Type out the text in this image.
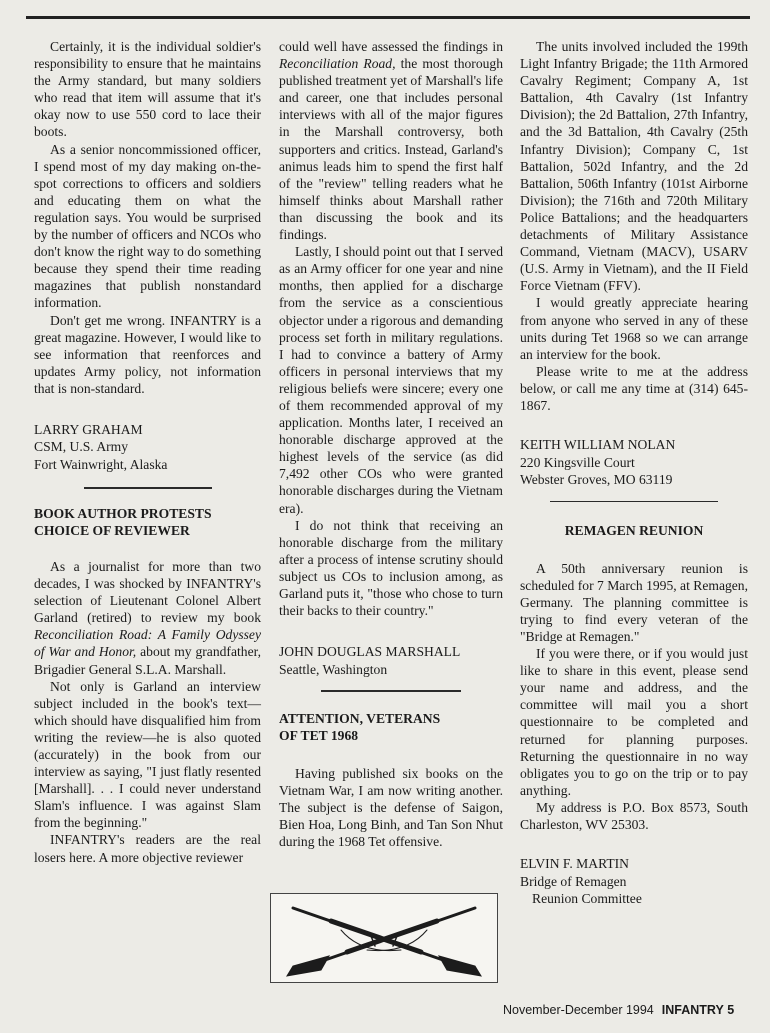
Certainly, it is the individual soldier's responsibility to ensure that he maintains the Army standard, but many soldiers who read that item will assume that it's okay now to use 550 cord to lace their boots.

As a senior noncommissioned officer, I spend most of my day making on-the-spot corrections to officers and soldiers and educating them on what the regulation says. You would be surprised by the number of officers and NCOs who don't know the right way to do something because they spend their time reading magazines that publish nonstandard information.

Don't get me wrong. INFANTRY is a great magazine. However, I would like to see information that reenforces and updates Army policy, not information that is non-standard.

LARRY GRAHAM
CSM, U.S. Army
Fort Wainwright, Alaska
BOOK AUTHOR PROTESTS
CHOICE OF REVIEWER

As a journalist for more than two decades, I was shocked by INFANTRY's selection of Lieutenant Colonel Albert Garland (retired) to review my book Reconciliation Road: A Family Odyssey of War and Honor, about my grandfather, Brigadier General S.L.A. Marshall.

Not only is Garland an interview subject included in the book's text—which should have disqualified him from writing the review—he is also quoted (accurately) in the book from our interview as saying, "I just flatly resented [Marshall]. . . I could never understand Slam's influence. I was against Slam from the beginning."

INFANTRY's readers are the real losers here. A more objective reviewer

could well have assessed the findings in Reconciliation Road, the most thorough published treatment yet of Marshall's life and career, one that includes personal interviews with all of the major figures in the Marshall controversy, both supporters and critics. Instead, Garland's animus leads him to spend the first half of the "review" telling readers what he himself thinks about Marshall rather than discussing the book and its findings.

Lastly, I should point out that I served as an Army officer for one year and nine months, then applied for a discharge from the service as a conscientious objector under a rigorous and demanding process set forth in military regulations. I had to convince a battery of Army officers in personal interviews that my religious beliefs were sincere; every one of them recommended approval of my application. Months later, I received an honorable discharge approved at the highest levels of the service (as did 7,492 other COs who were granted honorable discharges during the Vietnam era).

I do not think that receiving an honorable discharge from the military after a process of intense scrutiny should subject us COs to inclusion among, as Garland puts it, "those who chose to turn their backs to their country."

JOHN DOUGLAS MARSHALL
Seattle, Washington
ATTENTION, VETERANS
OF TET 1968

Having published six books on the Vietnam War, I am now writing another. The subject is the defense of Saigon, Bien Hoa, Long Binh, and Tan Son Nhut during the 1968 Tet offensive.

The units involved included the 199th Light Infantry Brigade; the 11th Armored Cavalry Regiment; Company A, 1st Battalion, 4th Cavalry (1st Infantry Division); the 2d Battalion, 27th Infantry, and the 3d Battalion, 4th Cavalry (25th Infantry Division); Company C, 1st Battalion, 502d Infantry, and the 2d Battalion, 506th Infantry (101st Airborne Division); the 716th and 720th Military Police Battalions; and the headquarters detachments of Military Assistance Command, Vietnam (MACV), USARV (U.S. Army in Vietnam), and the II Field Force Vietnam (FFV).

I would greatly appreciate hearing from anyone who served in any of these units during Tet 1968 so we can arrange an interview for the book.

Please write to me at the address below, or call me any time at (314) 645-1867.

KEITH WILLIAM NOLAN
220 Kingsville Court
Webster Groves, MO 63119
REMAGEN REUNION

A 50th anniversary reunion is scheduled for 7 March 1995, at Remagen, Germany. The planning committee is trying to find every veteran of the "Bridge at Remagen."

If you were there, or if you would just like to share in this event, please send your name and address, and the committee will mail you a short questionnaire to be completed and returned for planning purposes. Returning the questionnaire in no way obligates you to go on the trip or to pay anything.

My address is P.O. Box 8573, South Charleston, WV 25303.

ELVIN F. MARTIN
Bridge of Remagen
Reunion Committee
November-December 1994 INFANTRY 5
